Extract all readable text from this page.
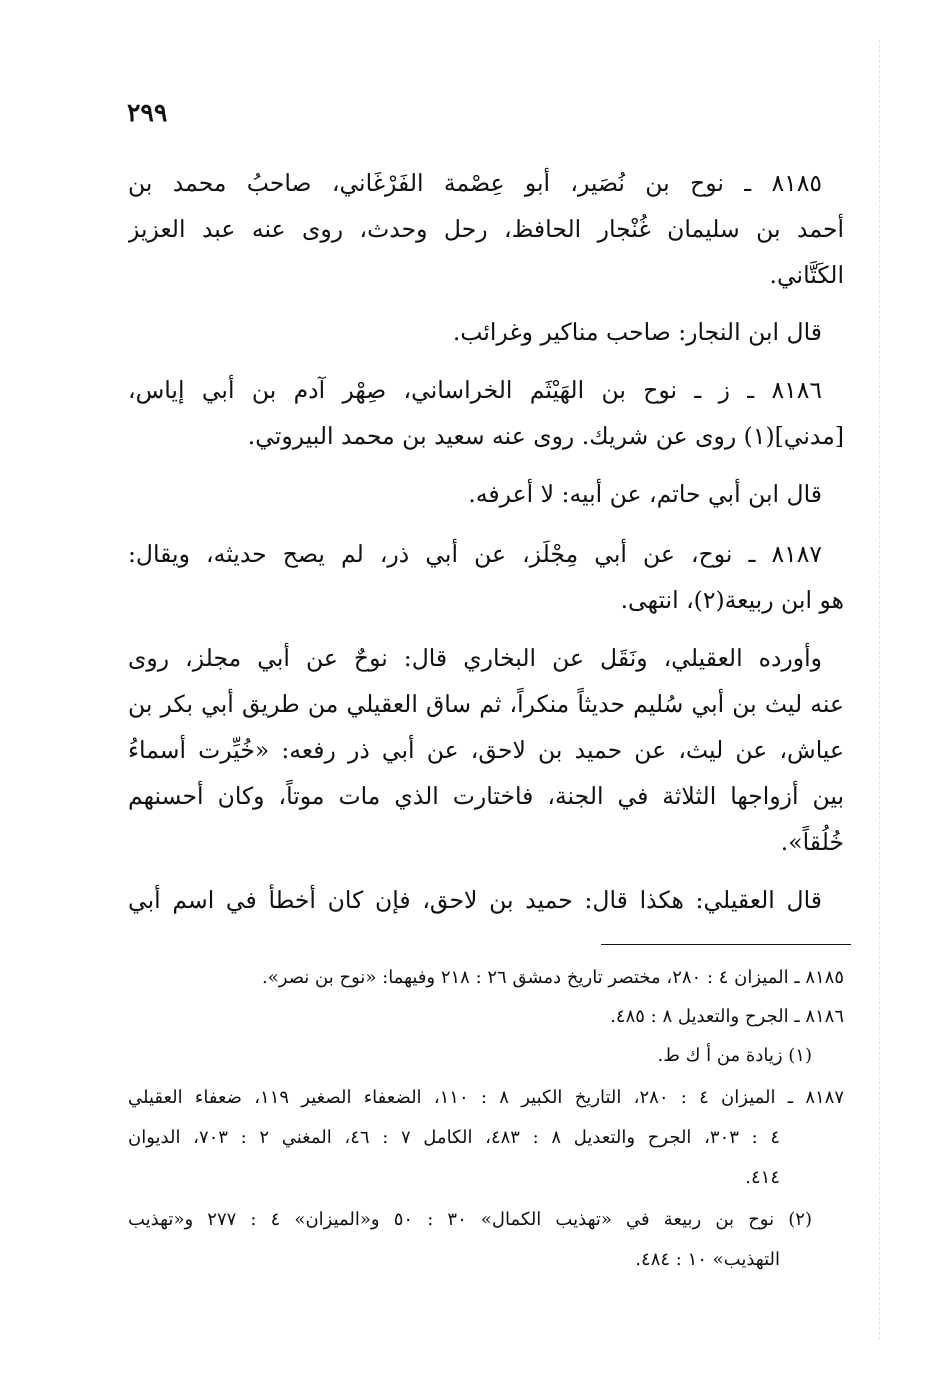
٢٩٩
٨١٨٥ ـ نوح بن نُصَير، أبو عِصْمة الفَرْغَاني، صاحبُ محمد بن
أحمد بن سليمان غُنْجار الحافظ، رحل وحدث، روى عنه عبد العزيز
الكَتَّاني.
قال ابن النجار: صاحب مناكير وغرائب.
٨١٨٦ ـ ز ـ نوح بن الهَيْثَم الخراساني، صِهْر آدم بن أبي إياس،
[مدني](١) روى عن شريك. روى عنه سعيد بن محمد البيروتي.
قال ابن أبي حاتم، عن أبيه: لا أعرفه.
٨١٨٧ ـ نوح، عن أبي مِجْلَز، عن أبي ذر، لم يصح حديثه، ويقال:
هو ابن ربيعة(٢)، انتهى.
وأورده العقيلي، ونَقَل عن البخاري قال: نوحٌ عن أبي مجلز، روى
عنه ليث بن أبي سُليم حديثاً منكراً، ثم ساق العقيلي من طريق أبي بكر بن
عياش، عن ليث، عن حميد بن لاحق، عن أبي ذر رفعه: «خُيِّرت أسماءُ
بين أزواجها الثلاثة في الجنة، فاختارت الذي مات موتاً، وكان أحسنهم
خُلُقاً».
قال العقيلي: هكذا قال: حميد بن لاحق، فإن كان أخطأ في اسم أبي
٨١٨٥ ـ الميزان ٤ : ٢٨٠، مختصر تاريخ دمشق ٢٦ : ٢١٨ وفيهما: «نوح بن نصر».
٨١٨٦ ـ الجرح والتعديل ٨ : ٤٨٥.
(١) زيادة من أ ك ط.
٨١٨٧ ـ الميزان ٤ : ٢٨٠، التاريخ الكبير ٨ : ١١٠، الضعفاء الصغير ١١٩، ضعفاء العقيلي
٤ : ٣٠٣، الجرح والتعديل ٨ : ٤٨٣، الكامل ٧ : ٤٦، المغني ٢ : ٧٠٣، الديوان
٤١٤.
(٢) نوح بن ربيعة في «تهذيب الكمال» ٣٠ : ٥٠ و«الميزان» ٤ : ٢٧٧ و«تهذيب
التهذيب» ١٠ : ٤٨٤.
